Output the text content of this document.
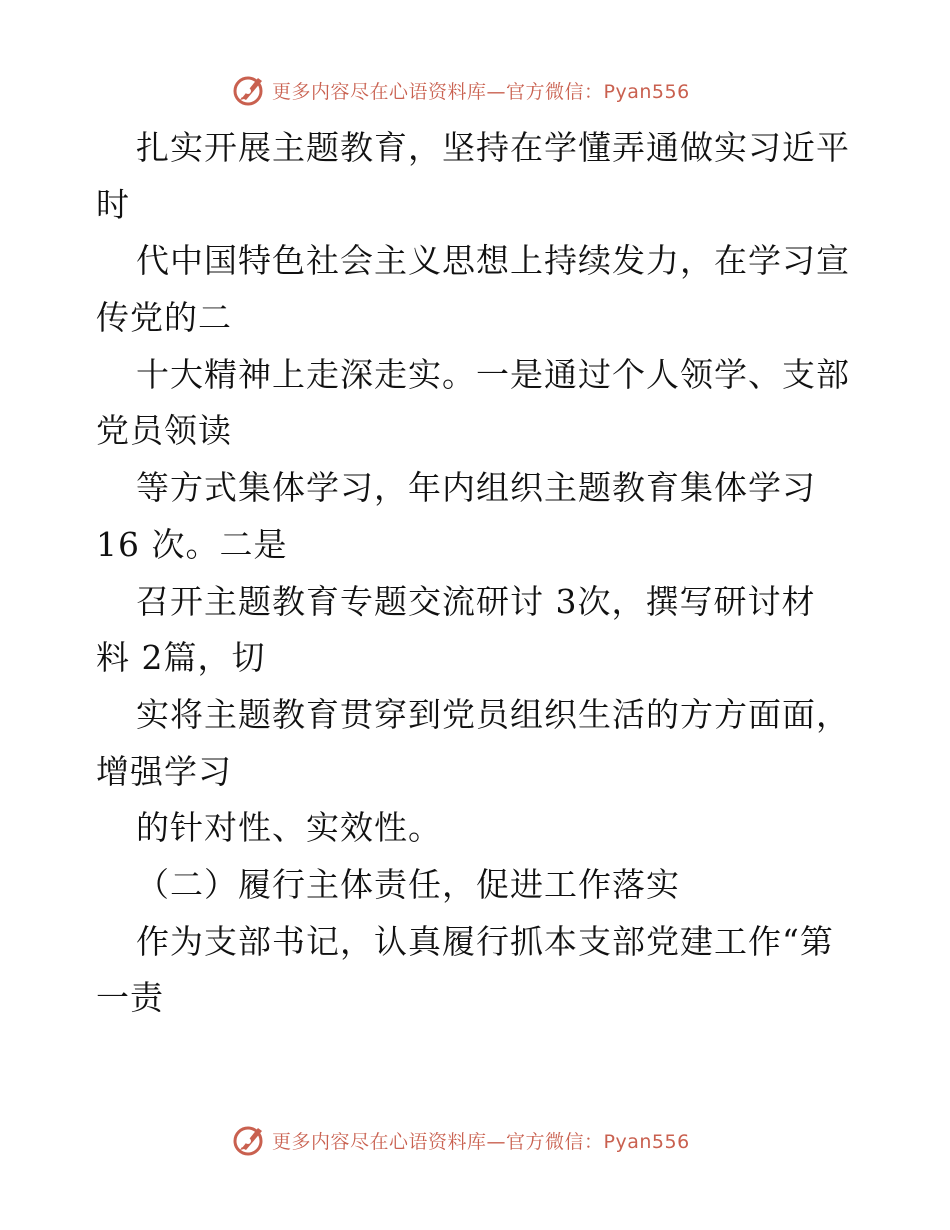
更多内容尽在心语资料库—官方微信：Pyan556
扎实开展主题教育，坚持在学懂弄通做实习近平
时
代中国特色社会主义思想上持续发力，在学习宣
传党的二
十大精神上走深走实。一是通过个人领学、支部
党员领读
等方式集体学习，年内组织主题教育集体学习
16 次。二是
召开主题教育专题交流研讨 3次，撰写研讨材
料 2篇，切
实将主题教育贯穿到党员组织生活的方方面面，
增强学习
的针对性、实效性。
（二）履行主体责任，促进工作落实
作为支部书记，认真履行抓本支部党建工作“第
一责
更多内容尽在心语资料库—官方微信：Pyan556
